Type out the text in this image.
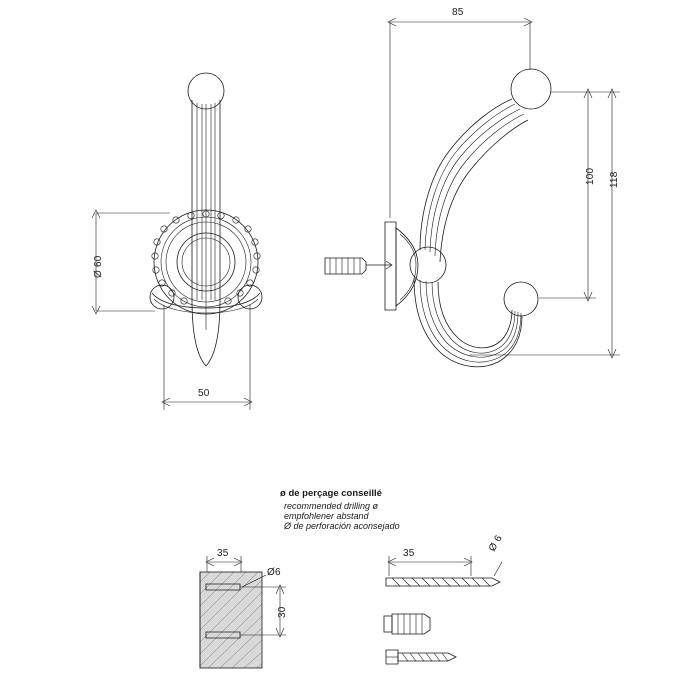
Ø 60
50
85
100 118
ø de perçage conseillé
recommended drilling ø
empfohlener abstand
Ø de perforación aconsejado
35
Ø6
30
35	Ø 6
